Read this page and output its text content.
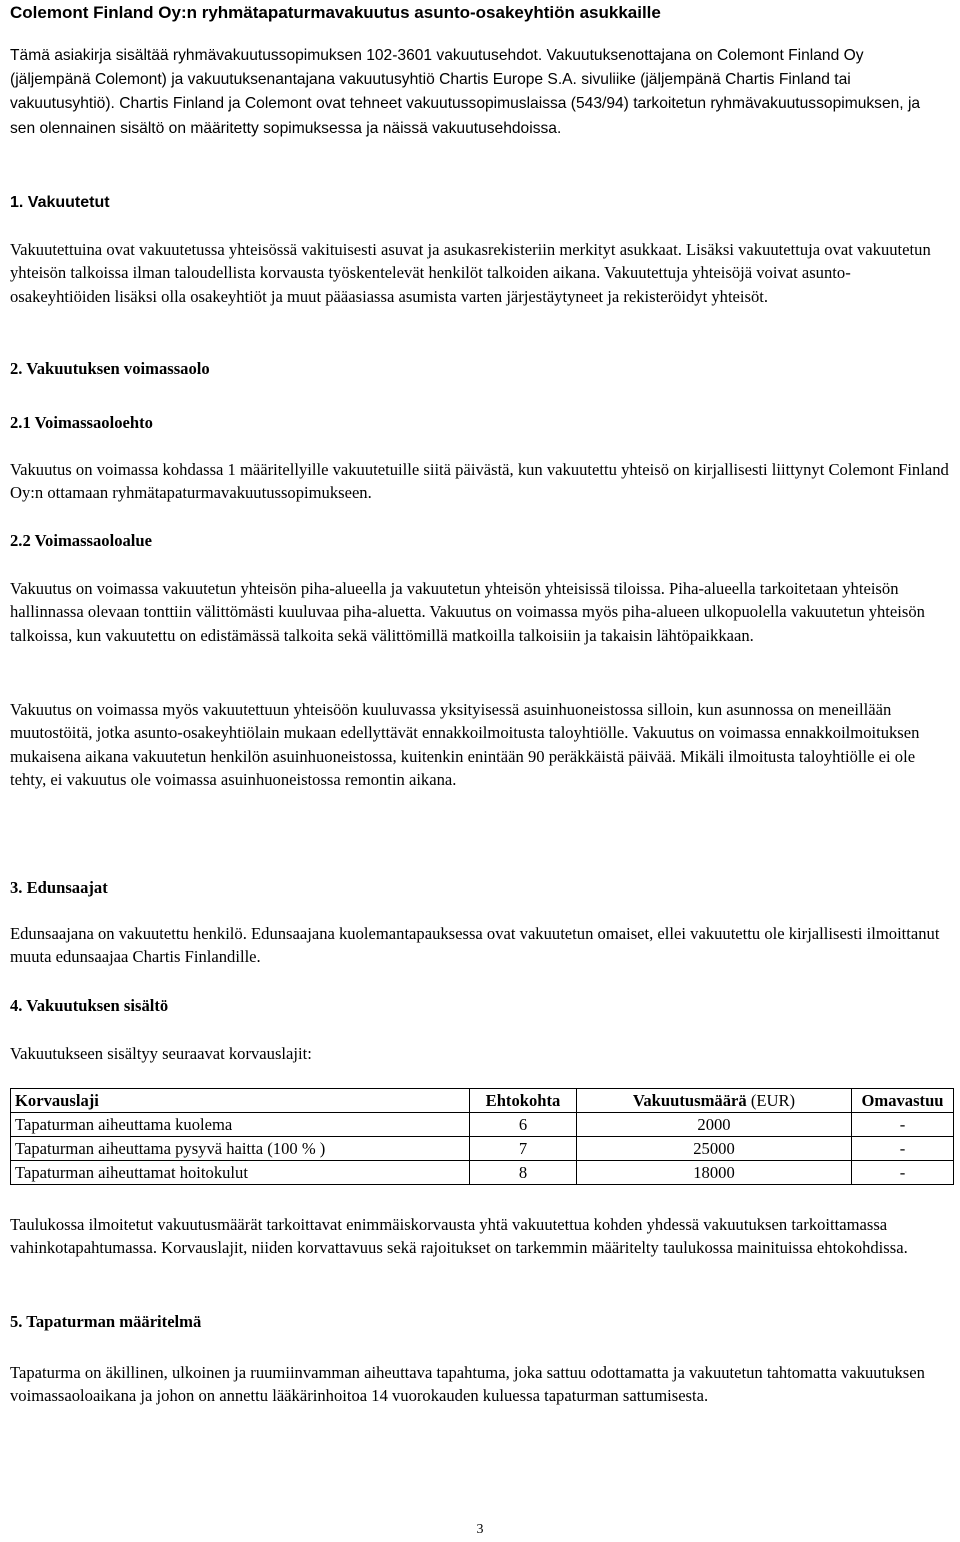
Colemont Finland Oy:n ryhmätapaturmavakuutus asunto-osakeyhtiön asukkaille
Tämä asiakirja sisältää ryhmävakuutussopimuksen 102-3601 vakuutusehdot. Vakuutuksenottajana on Colemont Finland Oy (jäljempänä Colemont) ja vakuutuksenantajana vakuutusyhtiö Chartis Europe S.A. sivuliike (jäljempänä Chartis Finland tai vakuutusyhtiö). Chartis Finland ja Colemont ovat tehneet vakuutussopimuslaissa (543/94) tarkoitetun ryhmävakuutussopimuksen, ja sen olennainen sisältö on määritetty sopimuksessa ja näissä vakuutusehdoissa.
1. Vakuutetut
Vakuutettuina ovat vakuutetussa yhteisössä vakituisesti asuvat ja asukasrekisteriin merkityt asukkaat. Lisäksi vakuutettuja ovat vakuutetun yhteisön talkoissa ilman taloudellista korvausta työskentelevät henkilöt talkoiden aikana. Vakuutettuja yhteisöjä voivat asunto-osakeyhtiöiden lisäksi olla osakeyhtiöt ja muut pääasiassa asumista varten järjestäytyneet ja rekisteröidyt yhteisöt.
2. Vakuutuksen voimassaolo
2.1 Voimassaoloehto
Vakuutus on voimassa kohdassa 1 määritellyille vakuutetuille siitä päivästä, kun vakuutettu yhteisö on kirjallisesti liittynyt Colemont Finland Oy:n ottamaan ryhmätapaturmavakuutussopimukseen.
2.2 Voimassaoloalue
Vakuutus on voimassa vakuutetun yhteisön piha-alueella ja vakuutetun yhteisön yhteisissä tiloissa. Piha-alueella tarkoitetaan yhteisön hallinnassa olevaan tonttiin välittömästi kuuluvaa piha-aluetta. Vakuutus on voimassa myös piha-alueen ulkopuolella vakuutetun yhteisön talkoissa, kun vakuutettu on edistämässä talkoita sekä välittömillä matkoilla talkoisiin ja takaisin lähtöpaikkaan.
Vakuutus on voimassa myös vakuutettuun yhteisöön kuuluvassa yksityisessä asuinhuoneistossa silloin, kun asunnossa on meneillään muutostöitä, jotka asunto-osakeyhtiölain mukaan edellyttävät ennakkoilmoitusta taloyhtiölle. Vakuutus on voimassa ennakkoilmoituksen mukaisena aikana vakuutetun henkilön asuinhuoneistossa, kuitenkin enintään 90 peräkkäistä päivää. Mikäli ilmoitusta taloyhtiölle ei ole tehty, ei vakuutus ole voimassa asuinhuoneistossa remontin aikana.
3. Edunsaajat
Edunsaajana on vakuutettu henkilö. Edunsaajana kuolemantapauksessa ovat vakuutetun omaiset, ellei vakuutettu ole kirjallisesti ilmoittanut muuta edunsaajaa Chartis Finlandille.
4. Vakuutuksen sisältö
Vakuutukseen sisältyy seuraavat korvauslajit:
Korvauslaji	Ehtokohta	Vakuutusmäärä (EUR)	Omavastuu
Tapaturman aiheuttama kuolema	6	2000	-
Tapaturman aiheuttama pysyvä haitta (100 % )	7	25000	-
Tapaturman aiheuttamat hoitokulut	8	18000	-
Taulukossa ilmoitetut vakuutusmäärät tarkoittavat enimmäiskorvausta yhtä vakuutettua kohden yhdessä vakuutuksen tarkoittamassa vahinkotapahtumassa. Korvauslajit, niiden korvattavuus sekä rajoitukset on tarkemmin määritelty taulukossa mainituissa ehtokohdissa.
5. Tapaturman määritelmä
Tapaturma on äkillinen, ulkoinen ja ruumiinvamman aiheuttava tapahtuma, joka sattuu odottamatta ja vakuutetun tahtomatta vakuutuksen voimassaoloaikana ja johon on annettu lääkärinhoitoa 14 vuorokauden kuluessa tapaturman sattumisesta.
3
